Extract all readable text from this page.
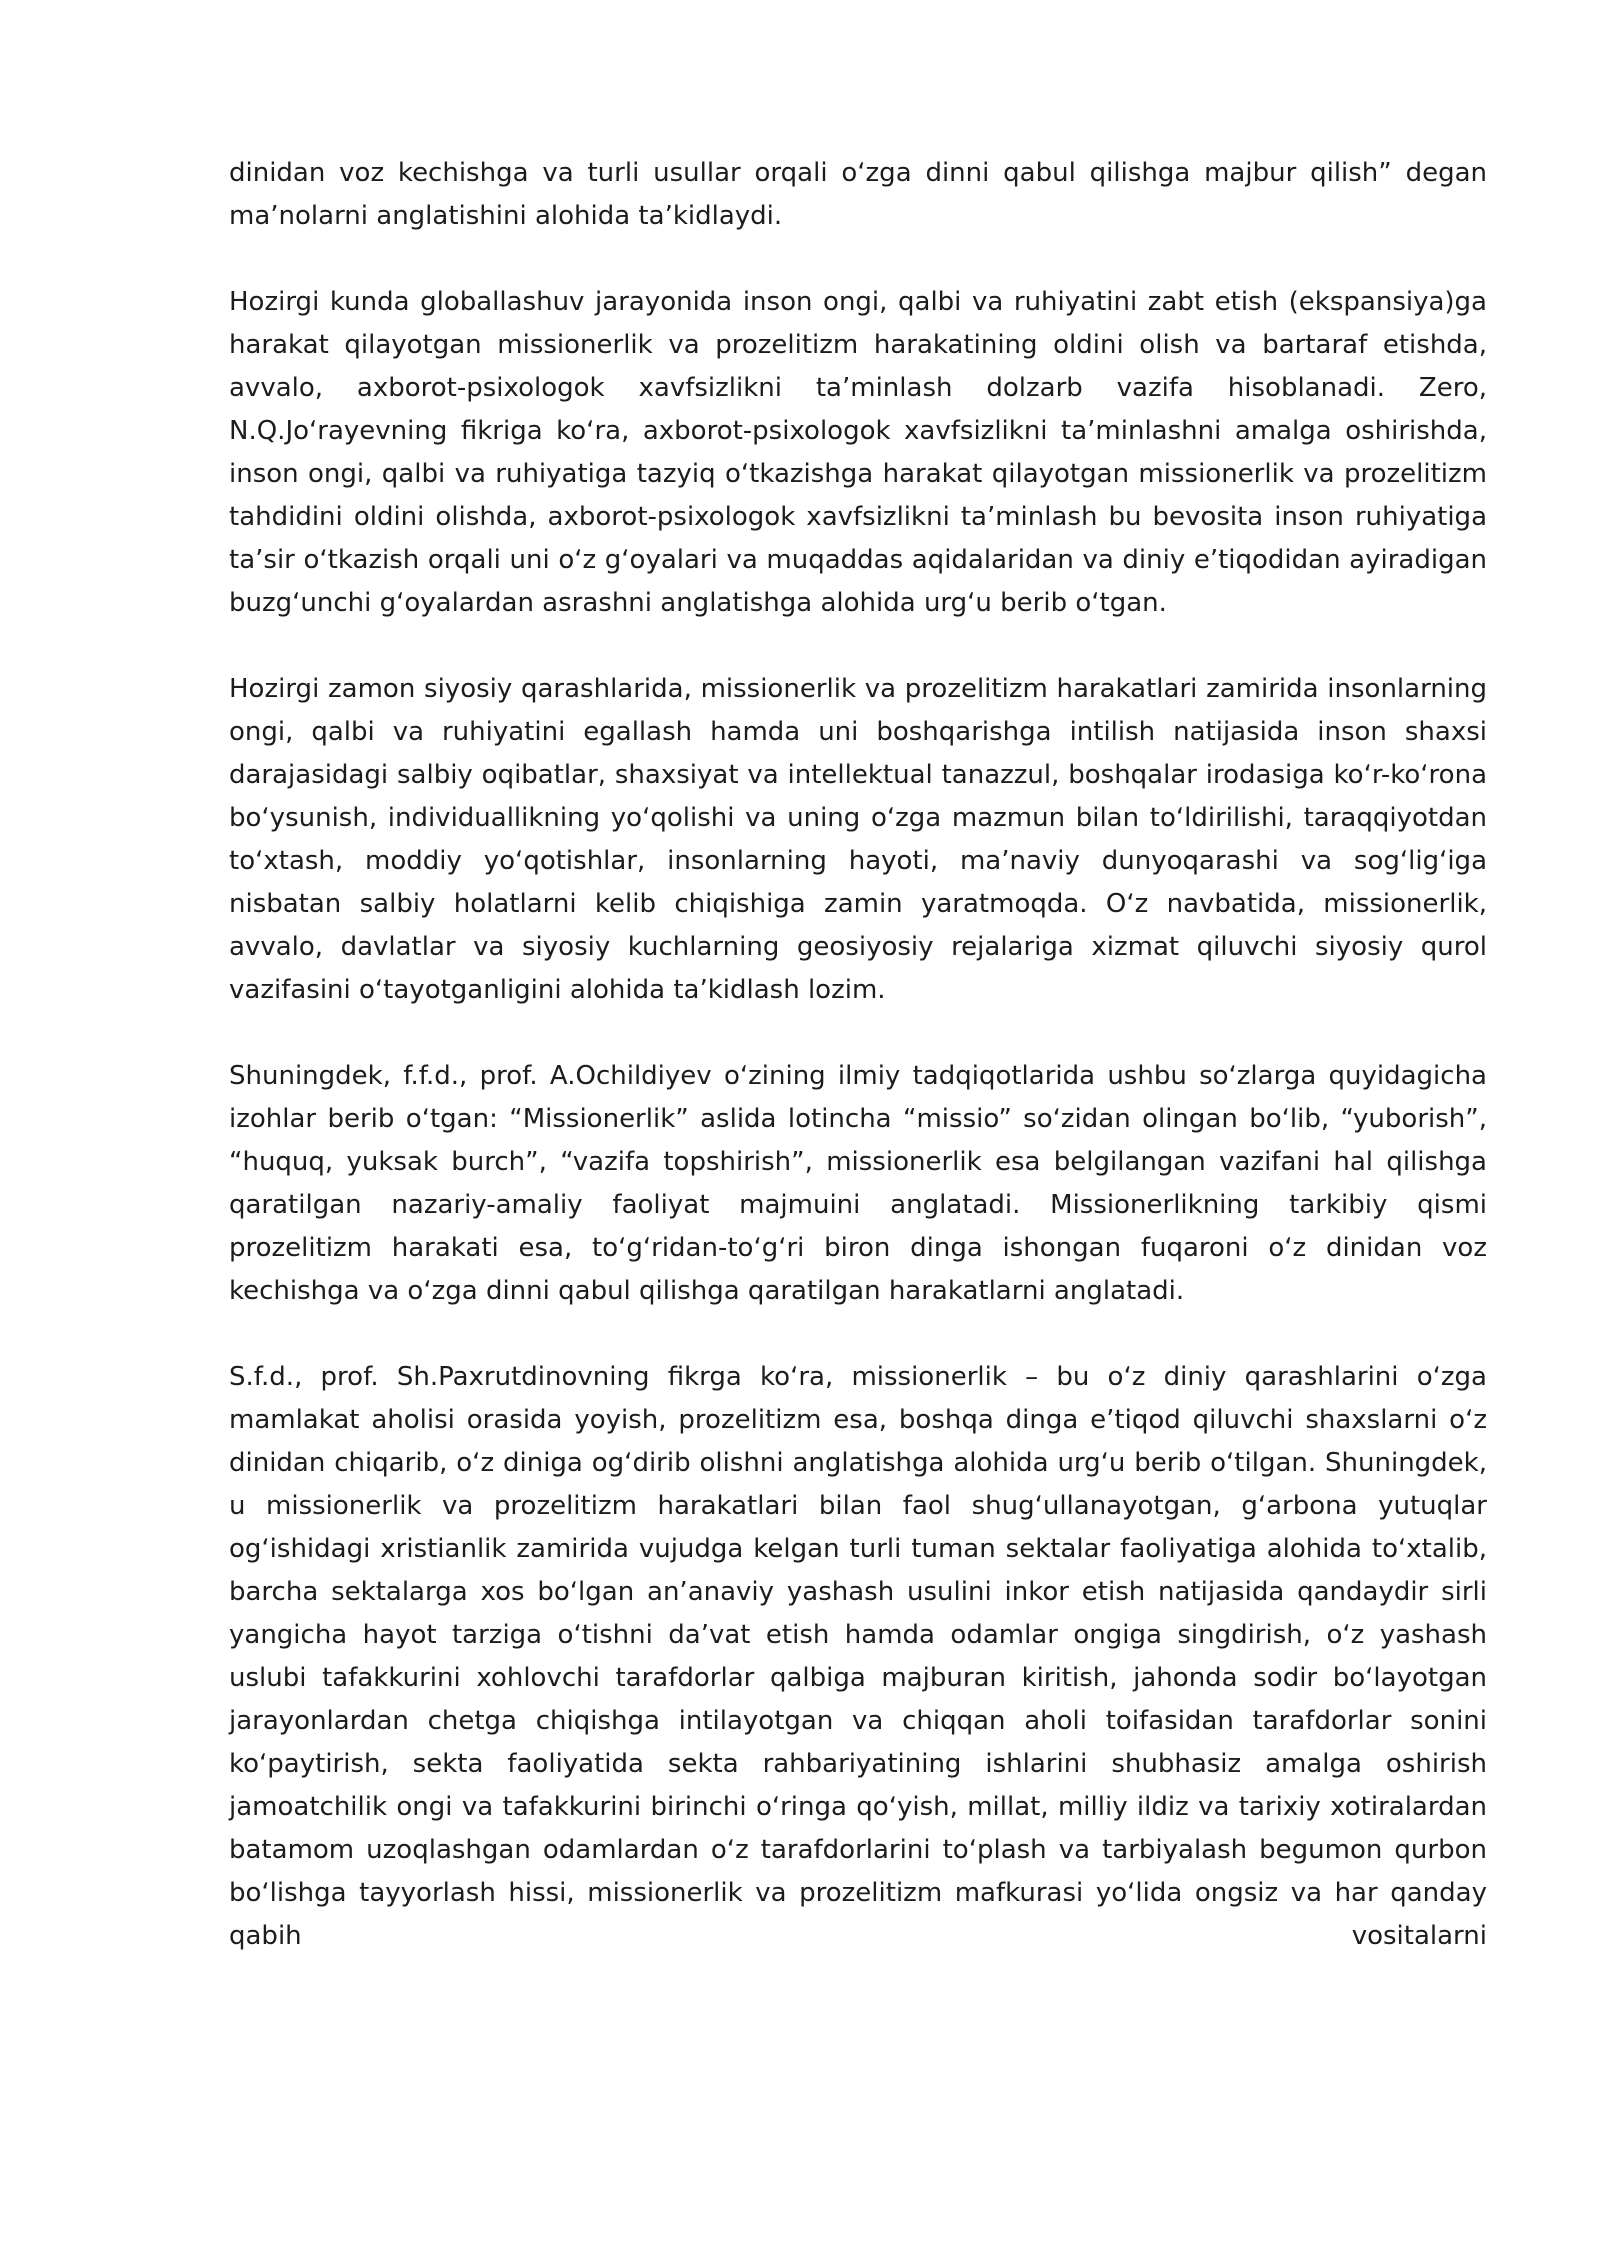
dinidan voz kechishga va turli usullar orqali oʻzga dinni qabul qilishga majbur qilish” degan maʼnolarni anglatishini alohida taʼkidlaydi.

Hozirgi kunda globallashuv jarayonida inson ongi, qalbi va ruhiyatini zabt etish (ekspansiya)ga harakat qilayotgan missionerlik va prozelitizm harakatining oldini olish va bartaraf etishda, avvalo, axborot-psixologok xavfsizlikni taʼminlash dolzarb vazifa hisoblanadi. Zero, N.Q.Joʻrayevning fikriga koʻra, axborot-psixologok xavfsizlikni taʼminlashni amalga oshirishda, inson ongi, qalbi va ruhiyatiga tazyiq oʻtkazishga harakat qilayotgan missionerlik va prozelitizm tahdidini oldini olishda, axborot-psixologok xavfsizlikni taʼminlash bu bevosita inson ruhiyatiga taʼsir oʻtkazish orqali uni oʻz gʻoyalari va muqaddas aqidalaridan va diniy eʼtiqodidan ayiradigan buzgʻunchi gʻoyalardan asrashni anglatishga alohida urgʻu berib oʻtgan.

Hozirgi zamon siyosiy qarashlarida, missionerlik va prozelitizm harakatlari zamirida insonlarning ongi, qalbi va ruhiyatini egallash hamda uni boshqarishga intilish natijasida inson shaxsi darajasidagi salbiy oqibatlar, shaxsiyat va intellektual tanazzul, boshqalar irodasiga koʻr-koʻrona boʻysunish, individuallikning yoʻqolishi va uning oʻzga mazmun bilan toʻldirilishi, taraqqiyotdan toʻxtash, moddiy yoʻqotishlar, insonlarning hayoti, maʼnaviy dunyoqarashi va sogʻligʻiga nisbatan salbiy holatlarni kelib chiqishiga zamin yaratmoqda. Oʻz navbatida, missionerlik, avvalo, davlatlar va siyosiy kuchlarning geosiyosiy rejalariga xizmat qiluvchi siyosiy qurol vazifasini oʻtayotganligini alohida taʼkidlash lozim.

Shuningdek, f.f.d., prof. A.Ochildiyev oʻzining ilmiy tadqiqotlarida ushbu soʻzlarga quyidagicha izohlar berib oʻtgan: “Missionerlik” aslida lotincha “missio” soʻzidan olingan boʻlib, “yuborish”, “huquq, yuksak burch”, “vazifa topshirish”, missionerlik esa belgilangan vazifani hal qilishga qaratilgan nazariy-amaliy faoliyat majmuini anglatadi. Missionerlikning tarkibiy qismi prozelitizm harakati esa, toʻgʻridan-toʻgʻri biron dinga ishongan fuqaroni oʻz dinidan voz kechishga va oʻzga dinni qabul qilishga qaratilgan harakatlarni anglatadi.

S.f.d., prof. Sh.Paxrutdinovning fikrga koʻra, missionerlik – bu oʻz diniy qarashlarini oʻzga mamlakat aholisi orasida yoyish, prozelitizm esa, boshqa dinga eʼtiqod qiluvchi shaxslarni oʻz dinidan chiqarib, oʻz diniga ogʻdirib olishni anglatishga alohida urgʻu berib oʻtilgan. Shuningdek, u missionerlik va prozelitizm harakatlari bilan faol shugʻullanayotgan, gʻarbona yutuqlar ogʻishidagi xristianlik zamirida vujudga kelgan turli tuman sektalar faoliyatiga alohida toʻxtalib, barcha sektalarga xos boʻlgan anʼanaviy yashash usulini inkor etish natijasida qandaydir sirli yangicha hayot tarziga oʻtishni daʼvat etish hamda odamlar ongiga singdirish, oʻz yashash uslubi tafakkurini xohlovchi tarafdorlar qalbiga majburan kiritish, jahonda sodir boʻlayotgan jarayonlardan chetga chiqishga intilayotgan va chiqqan aholi toifasidan tarafdorlar sonini koʻpaytirish, sekta faoliyatida sekta rahbariyatining ishlarini shubhasiz amalga oshirish jamoatchilik ongi va tafakkurini birinchi oʻringa qoʻyish, millat, milliy ildiz va tarixiy xotiralardan batamom uzoqlashgan odamlardan oʻz tarafdorlarini toʻplash va tarbiyalash begumon qurbon boʻlishga tayyorlash hissi, missionerlik va prozelitizm mafkurasi yoʻlida ongsiz va har qanday qabih vositalarni
